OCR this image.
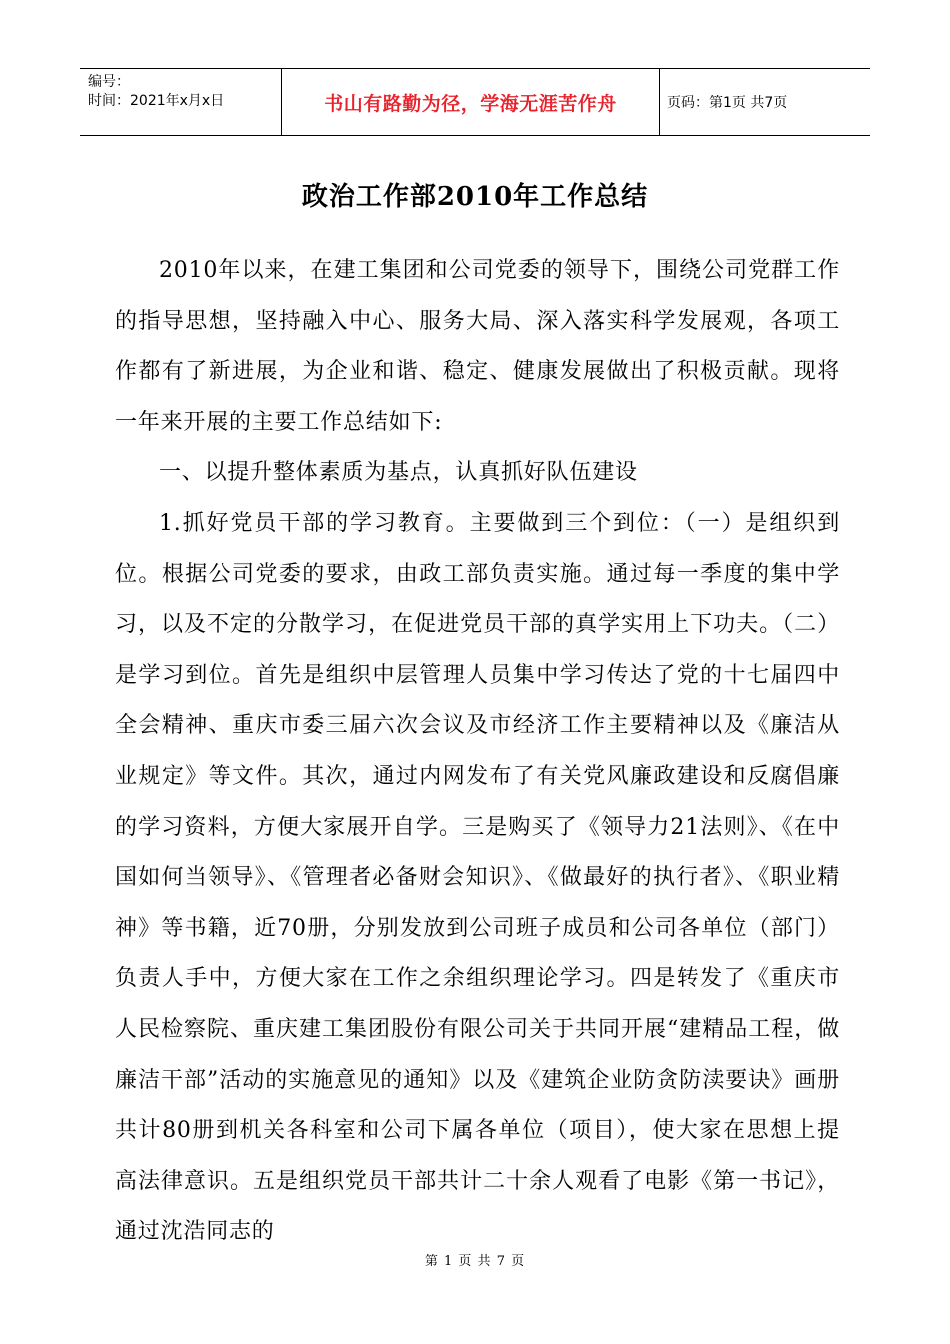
编号：
时间：2021年x月x日	书山有路勤为径，学海无涯苦作舟	页码：第1页 共7页
政治工作部2010年工作总结

2010年以来，在建工集团和公司党委的领导下，围绕公司党群工作的指导思想，坚持融入中心、服务大局、深入落实科学发展观，各项工作都有了新进展，为企业和谐、稳定、健康发展做出了积极贡献。现将一年来开展的主要工作总结如下:

一、以提升整体素质为基点，认真抓好队伍建设

1.抓好党员干部的学习教育。主要做到三个到位：（一）是组织到位。根据公司党委的要求，由政工部负责实施。通过每一季度的集中学习，以及不定的分散学习，在促进党员干部的真学实用上下功夫。（二）是学习到位。首先是组织中层管理人员集中学习传达了党的十七届四中全会精神、重庆市委三届六次会议及市经济工作主要精神以及《廉洁从业规定》等文件。其次，通过内网发布了有关党风廉政建设和反腐倡廉的学习资料，方便大家展开自学。三是购买了《领导力21法则》、《在中国如何当领导》、《管理者必备财会知识》、《做最好的执行者》、《职业精神》等书籍，近70册，分别发放到公司班子成员和公司各单位（部门）负责人手中，方便大家在工作之余组织理论学习。四是转发了《重庆市人民检察院、重庆建工集团股份有限公司关于共同开展“建精品工程，做廉洁干部”活动的实施意见的通知》以及《建筑企业防贪防渎要诀》画册共计80册到机关各科室和公司下属各单位（项目），使大家在思想上提高法律意识。五是组织党员干部共计二十余人观看了电影《第一书记》，通过沈浩同志的

第 1 页 共 7 页
